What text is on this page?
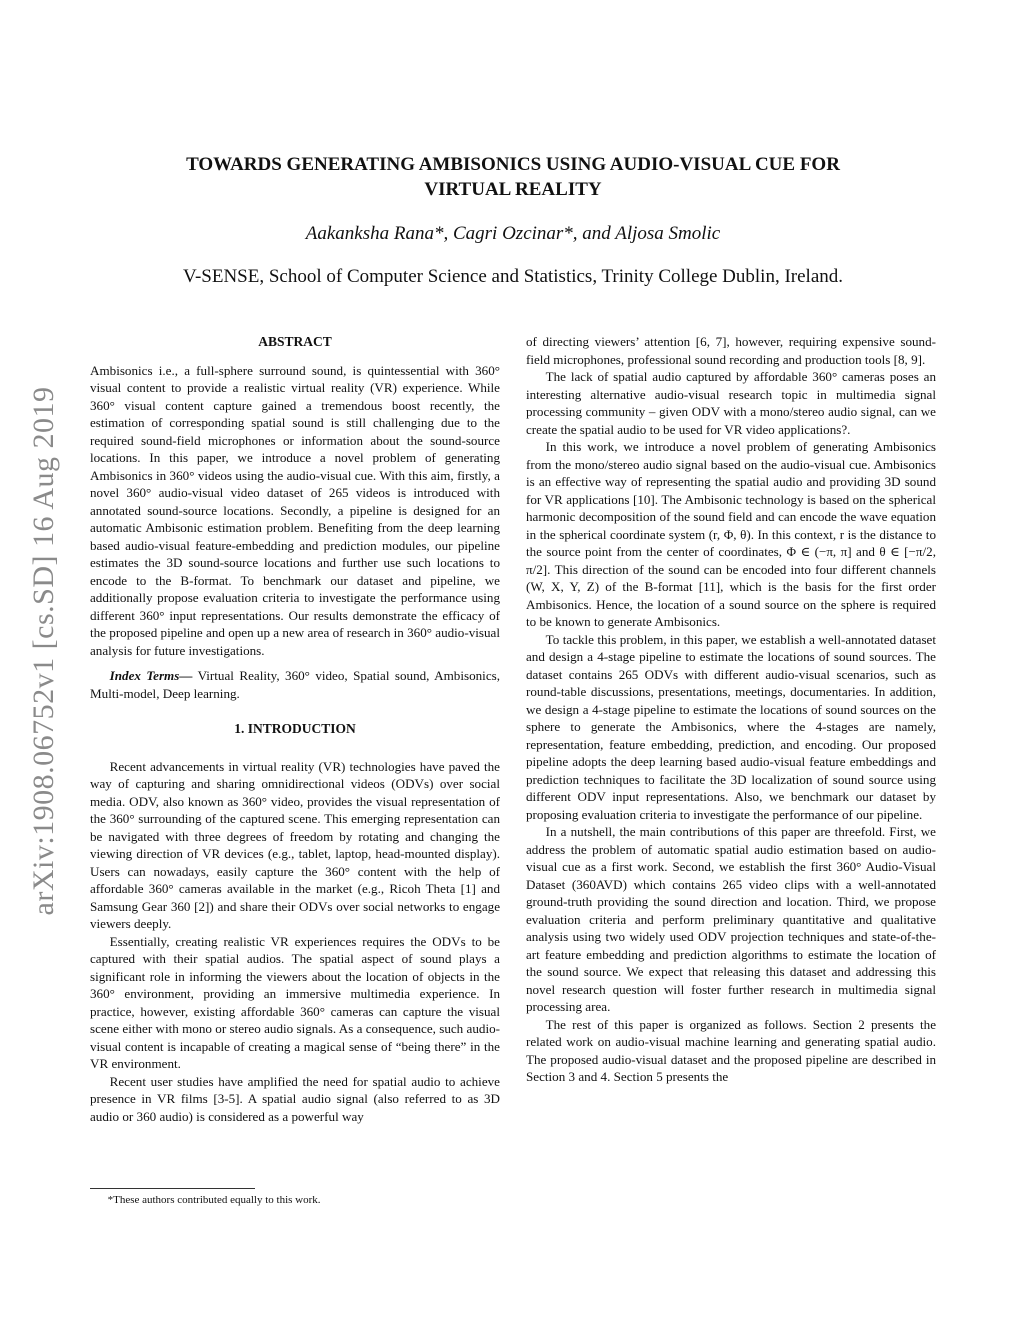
arXiv:1908.06752v1 [cs.SD] 16 Aug 2019
TOWARDS GENERATING AMBISONICS USING AUDIO-VISUAL CUE FOR
VIRTUAL REALITY

Aakanksha Rana*, Cagri Ozcinar*, and Aljosa Smolic

V-SENSE, School of Computer Science and Statistics, Trinity College Dublin, Ireland.

ABSTRACT

Ambisonics i.e., a full-sphere surround sound, is quintessential with 360° visual content to provide a realistic virtual reality (VR) experience. While 360° visual content capture gained a tremendous boost recently, the estimation of corresponding spatial sound is still challenging due to the required sound-field microphones or information about the sound-source locations. In this paper, we introduce a novel problem of generating Ambisonics in 360° videos using the audio-visual cue. With this aim, firstly, a novel 360° audio-visual video dataset of 265 videos is introduced with annotated sound-source locations. Secondly, a pipeline is designed for an automatic Ambisonic estimation problem. Benefiting from the deep learning based audio-visual feature-embedding and prediction modules, our pipeline estimates the 3D sound-source locations and further use such locations to encode to the B-format. To benchmark our dataset and pipeline, we additionally propose evaluation criteria to investigate the performance using different 360° input representations. Our results demonstrate the efficacy of the proposed pipeline and open up a new area of research in 360° audio-visual analysis for future investigations.

Index Terms— Virtual Reality, 360° video, Spatial sound, Ambisonics, Multi-model, Deep learning.

1. INTRODUCTION

Recent advancements in virtual reality (VR) technologies have paved the way of capturing and sharing omnidirectional videos (ODVs) over social media. ODV, also known as 360° video, provides the visual representation of the 360° surrounding of the captured scene. This emerging representation can be navigated with three degrees of freedom by rotating and changing the viewing direction of VR devices (e.g., tablet, laptop, head-mounted display). Users can nowadays, easily capture the 360° content with the help of affordable 360° cameras available in the market (e.g., Ricoh Theta [1] and Samsung Gear 360 [2]) and share their ODVs over social networks to engage viewers deeply.

Essentially, creating realistic VR experiences requires the ODVs to be captured with their spatial audios. The spatial aspect of sound plays a significant role in informing the viewers about the location of objects in the 360° environment, providing an immersive multimedia experience. In practice, however, existing affordable 360° cameras can capture the visual scene either with mono or stereo audio signals. As a consequence, such audio-visual content is incapable of creating a magical sense of “being there” in the VR environment.

Recent user studies have amplified the need for spatial audio to achieve presence in VR films [3-5]. A spatial audio signal (also referred to as 3D audio or 360 audio) is considered as a powerful way

*These authors contributed equally to this work.

of directing viewers’ attention [6, 7], however, requiring expensive sound-field microphones, professional sound recording and production tools [8, 9].

The lack of spatial audio captured by affordable 360° cameras poses an interesting alternative audio-visual research topic in multimedia signal processing community – given ODV with a mono/stereo audio signal, can we create the spatial audio to be used for VR video applications?.

In this work, we introduce a novel problem of generating Ambisonics from the mono/stereo audio signal based on the audio-visual cue. Ambisonics is an effective way of representing the spatial audio and providing 3D sound for VR applications [10]. The Ambisonic technology is based on the spherical harmonic decomposition of the sound field and can encode the wave equation in the spherical coordinate system (r, Φ, θ). In this context, r is the distance to the source point from the center of coordinates, Φ ∈ (−π, π] and θ ∈ [−π/2, π/2]. This direction of the sound can be encoded into four different channels (W, X, Y, Z) of the B-format [11], which is the basis for the first order Ambisonics. Hence, the location of a sound source on the sphere is required to be known to generate Ambisonics.

To tackle this problem, in this paper, we establish a well-annotated dataset and design a 4-stage pipeline to estimate the locations of sound sources. The dataset contains 265 ODVs with different audio-visual scenarios, such as round-table discussions, presentations, meetings, documentaries. In addition, we design a 4-stage pipeline to estimate the locations of sound sources on the sphere to generate the Ambisonics, where the 4-stages are namely, representation, feature embedding, prediction, and encoding. Our proposed pipeline adopts the deep learning based audio-visual feature embeddings and prediction techniques to facilitate the 3D localization of sound source using different ODV input representations. Also, we benchmark our dataset by proposing evaluation criteria to investigate the performance of our pipeline.

In a nutshell, the main contributions of this paper are threefold. First, we address the problem of automatic spatial audio estimation based on audio-visual cue as a first work. Second, we establish the first 360° Audio-Visual Dataset (360AVD) which contains 265 video clips with a well-annotated ground-truth providing the sound direction and location. Third, we propose evaluation criteria and perform preliminary quantitative and qualitative analysis using two widely used ODV projection techniques and state-of-the-art feature embedding and prediction algorithms to estimate the location of the sound source. We expect that releasing this dataset and addressing this novel research question will foster further research in multimedia signal processing area.

The rest of this paper is organized as follows. Section 2 presents the related work on audio-visual machine learning and generating spatial audio. The proposed audio-visual dataset and the proposed pipeline are described in Section 3 and 4. Section 5 presents the
